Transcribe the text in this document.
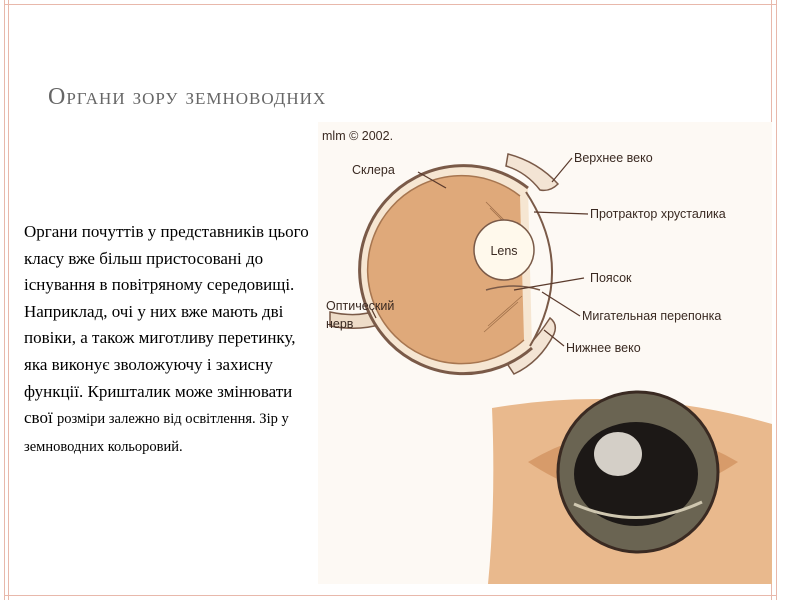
Органи зору земноводних

Органи почуттів у представників цього класу вже більш пристосовані до існування в повітряному середовищі. Наприклад, очі у них вже мають дві повіки, а також миготливу перетинку, яка виконує зволожуючу і захисну функції. Кришталик може змінювати свої розміри залежно від освітлення. Зір у земноводних кольоровий.

mlm © 2002.
Lens
Склера
Верхнее веко
Протрактор хрусталика
Поясок
Мигательная перепонка
Нижнее веко
Оптический
нерв
